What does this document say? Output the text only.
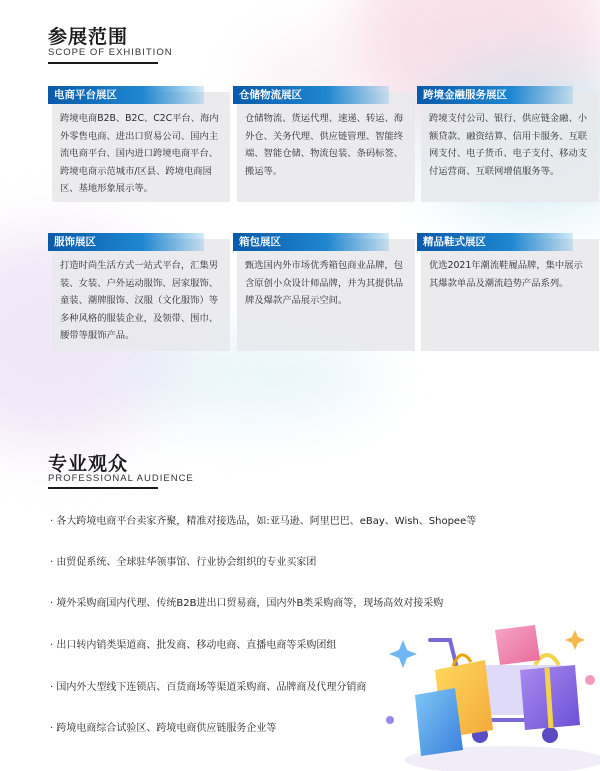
参展范围
SCOPE OF EXHIBITION
电商平台展区
跨境电商B2B、B2C、C2C平台、海内外零售电商、进出口贸易公司、国内主流电商平台、国内进口跨境电商平台、跨境电商示范城市/区县、跨境电商园区、基地形象展示等。
仓储物流展区
仓储物流、货运代理、速递、转运、海外仓、关务代理、供应链管理、智能终端、智能仓储、物流包装、条码标签、搬运等。
跨境金融服务展区
跨境支付公司、银行、供应链金融、小额贷款、融资结算、信用卡服务、互联网支付、电子货币、电子支付、移动支付运营商、互联网增值服务等。
服饰展区
打造时尚生活方式一站式平台，汇集男装、女装、户外运动服饰、居家服饰、童装、潮牌服饰、汉服（文化服饰）等多种风格的服装企业，及领带、围巾、腰带等服饰产品。
箱包展区
甄选国内外市场优秀箱包商业品牌，包含原创小众设计师品牌，并为其提供品牌及爆款产品展示空间。
精品鞋式展区
优选2021年潮流鞋履品牌，集中展示其爆款单品及潮流趋势产品系列。
专业观众
PROFESSIONAL AUDIENCE
· 各大跨境电商平台卖家齐聚，精准对接选品，如:亚马逊、阿里巴巴、eBay、Wish、Shopee等
· 由贸促系统、全球驻华领事馆、行业协会组织的专业买家团
· 境外采购商国内代理、传统B2B进出口贸易商，国内外B类采购商等，现场高效对接采购
· 出口转内销类渠道商、批发商、移动电商、直播电商等采购团组
· 国内外大型线下连锁店、百货商场等渠道采购商、品牌商及代理分销商
· 跨境电商综合试验区、跨境电商供应链服务企业等
